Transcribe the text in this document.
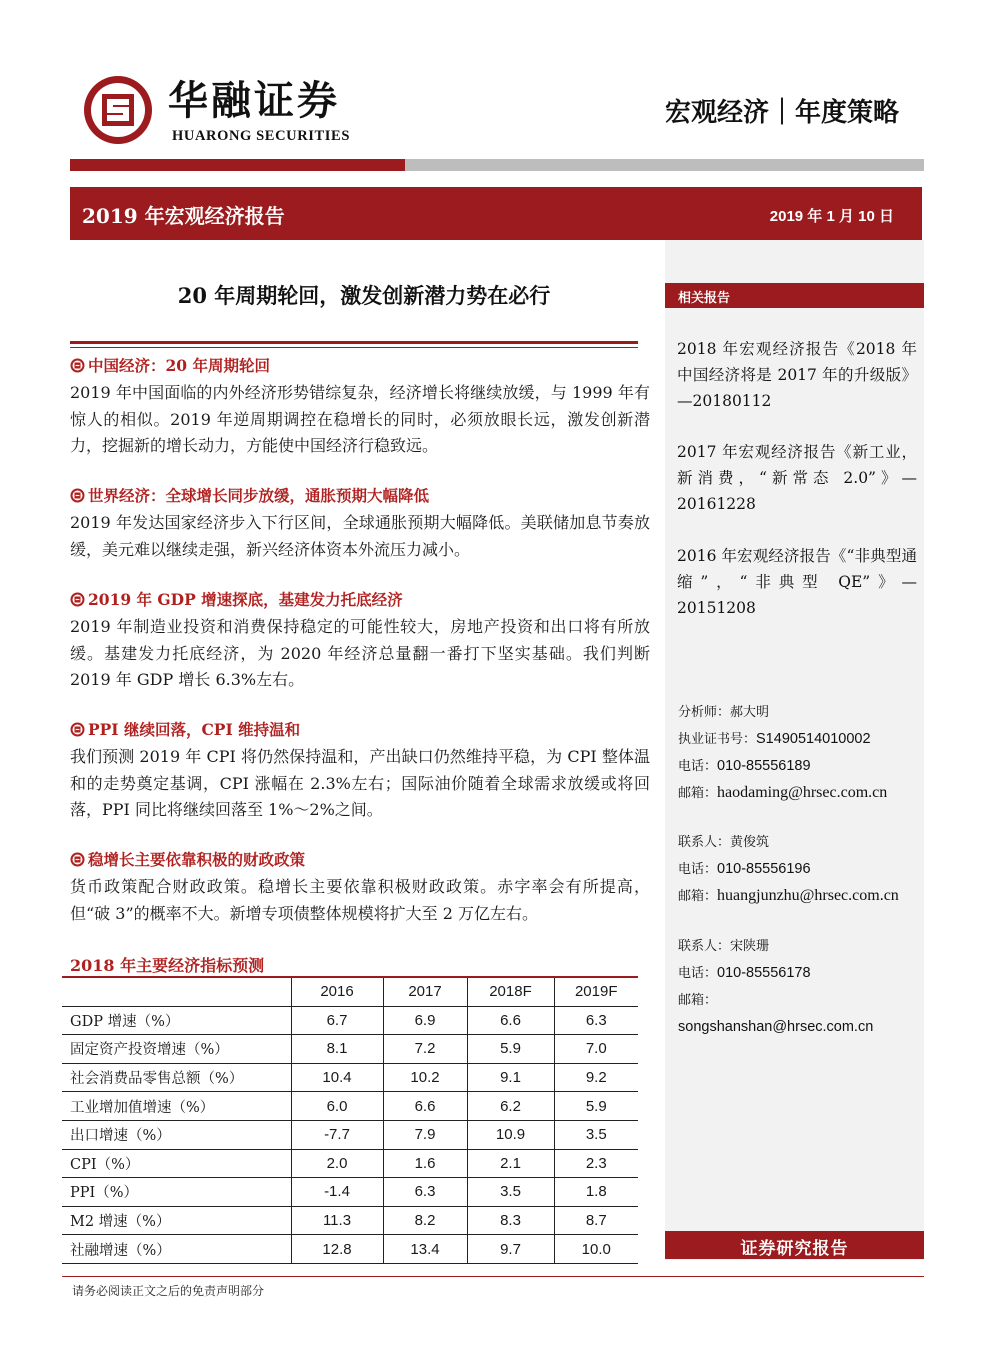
华融证券
HUARONG SECURITIES
宏观经济｜年度策略
2019 年宏观经济报告	2019 年 1 月 10 日
20 年周期轮回，激发创新潜力势在必行
中国经济：20 年周期轮回
2019 年中国面临的内外经济形势错综复杂，经济增长将继续放缓，与 1999 年有惊人的相似。2019 年逆周期调控在稳增长的同时，必须放眼长远，激发创新潜力，挖掘新的增长动力，方能使中国经济行稳致远。
世界经济：全球增长同步放缓，通胀预期大幅降低
2019 年发达国家经济步入下行区间，全球通胀预期大幅降低。美联储加息节奏放缓，美元难以继续走强，新兴经济体资本外流压力减小。
2019 年 GDP 增速探底，基建发力托底经济
2019 年制造业投资和消费保持稳定的可能性较大，房地产投资和出口将有所放缓。基建发力托底经济，为 2020 年经济总量翻一番打下坚实基础。我们判断 2019 年 GDP 增长 6.3%左右。
PPI 继续回落，CPI 维持温和
我们预测 2019 年 CPI 将仍然保持温和，产出缺口仍然维持平稳，为 CPI 整体温和的走势奠定基调，CPI 涨幅在 2.3%左右；国际油价随着全球需求放缓或将回落，PPI 同比将继续回落至 1%～2%之间。
稳增长主要依靠积极的财政政策
货币政策配合财政政策。稳增长主要依靠积极财政政策。赤字率会有所提高，但“破 3”的概率不大。新增专项债整体规模将扩大至 2 万亿左右。
2018 年主要经济指标预测
	2016	2017	2018F	2019F
GDP 增速（%）	6.7	6.9	6.6	6.3
固定资产投资增速（%）	8.1	7.2	5.9	7.0
社会消费品零售总额（%）	10.4	10.2	9.1	9.2
工业增加值增速（%）	6.0	6.6	6.2	5.9
出口增速（%）	-7.7	7.9	10.9	3.5
CPI（%）	2.0	1.6	2.1	2.3
PPI（%）	-1.4	6.3	3.5	1.8
M2 增速（%）	11.3	8.2	8.3	8.7
社融增速（%）	12.8	13.4	9.7	10.0
相关报告
2018 年宏观经济报告《2018 年中国经济将是 2017 年的升级版》—20180112
2017 年宏观经济报告《新工业，新消费，“新常态 2.0”》—20161228
2016 年宏观经济报告《“非典型通缩”，“非典型 QE”》—20151208
分析师：郝大明
执业证书号：S1490514010002
电话：010-85556189
邮箱：haodaming@hrsec.com.cn
联系人：黄俊筑
电话：010-85556196
邮箱：huangjunzhu@hrsec.com.cn
联系人：宋陕珊
电话：010-85556178
邮箱：
songshanshan@hrsec.com.cn
证券研究报告
请务必阅读正文之后的免责声明部分
